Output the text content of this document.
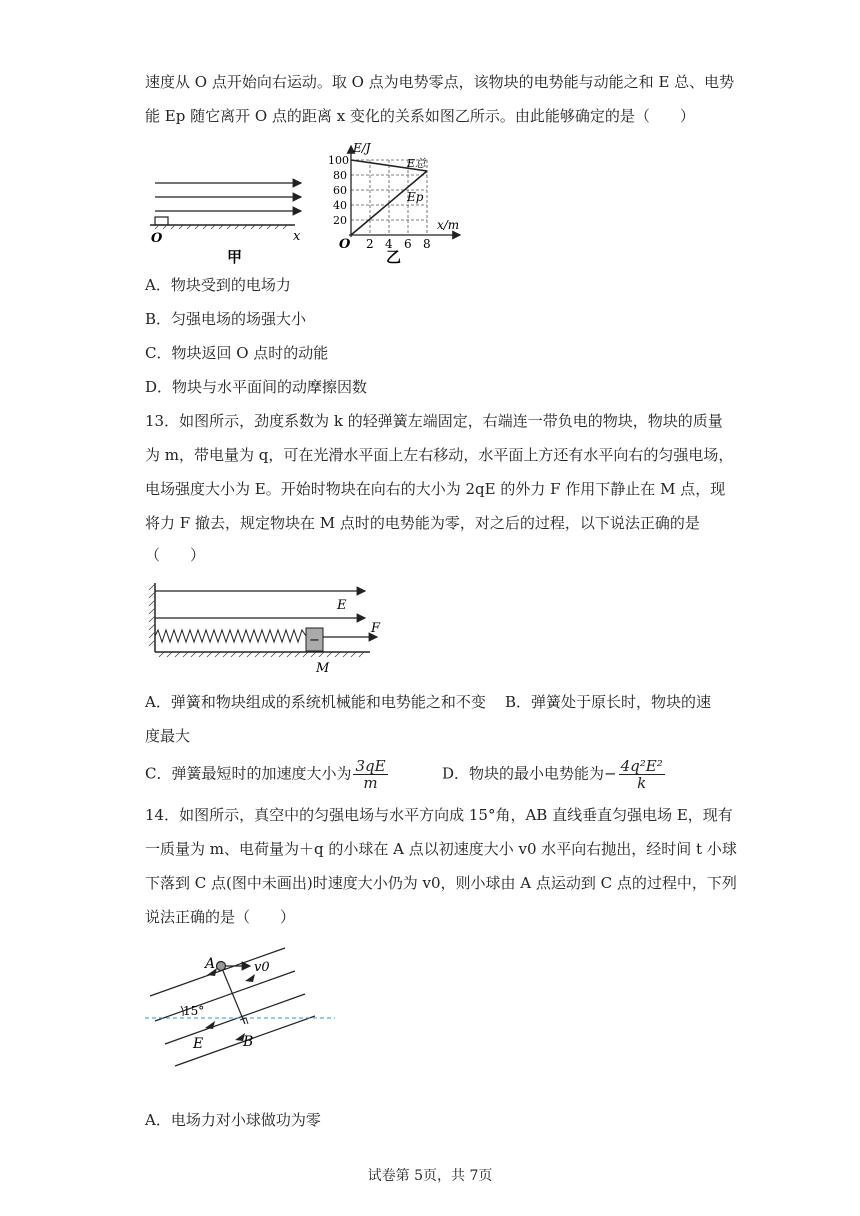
速度从 O 点开始向右运动。取 O 点为电势零点，该物块的电势能与动能之和 E 总、电势
能 Ep 随它离开 O 点的距离 x 变化的关系如图乙所示。由此能够确定的是（　　）
O	x
甲
E/J
x/m
O
100
80
60
40
20
2 4 6 8
E总
Ep
乙
A．物块受到的电场力
B．匀强电场的场强大小
C．物块返回 O 点时的动能
D．物块与水平面间的动摩擦因数
13．如图所示，劲度系数为 k 的轻弹簧左端固定，右端连一带负电的物块，物块的质量
为 m，带电量为 q，可在光滑水平面上左右移动，水平面上方还有水平向右的匀强电场，
电场强度大小为 E。开始时物块在向右的大小为 2qE 的外力 F 作用下静止在 M 点，现
将力 F 撤去，规定物块在 M 点时的电势能为零，对之后的过程，以下说法正确的是
（　　）
E
−
F
M
A．弹簧和物块组成的系统机械能和电势能之和不变 B．弹簧处于原长时，物块的速
度最大
C．弹簧最短时的加速度大小为 $\frac{3qE}{m}$	D．物块的最小电势能为− $\frac{\text{4q²E²}}{k}$
14．如图所示，真空中的匀强电场与水平方向成 15°角，AB 直线垂直匀强电场 E，现有
一质量为 m、电荷量为＋q 的小球在 A 点以初速度大小 v0 水平向右抛出，经时间 t 小球
下落到 C 点(图中未画出)时速度大小仍为 v0，则小球由 A 点运动到 C 点的过程中，下列
说法正确的是（　　）
A	v0
15°
B
E
A．电场力对小球做功为零
试卷第 5页，共 7页
